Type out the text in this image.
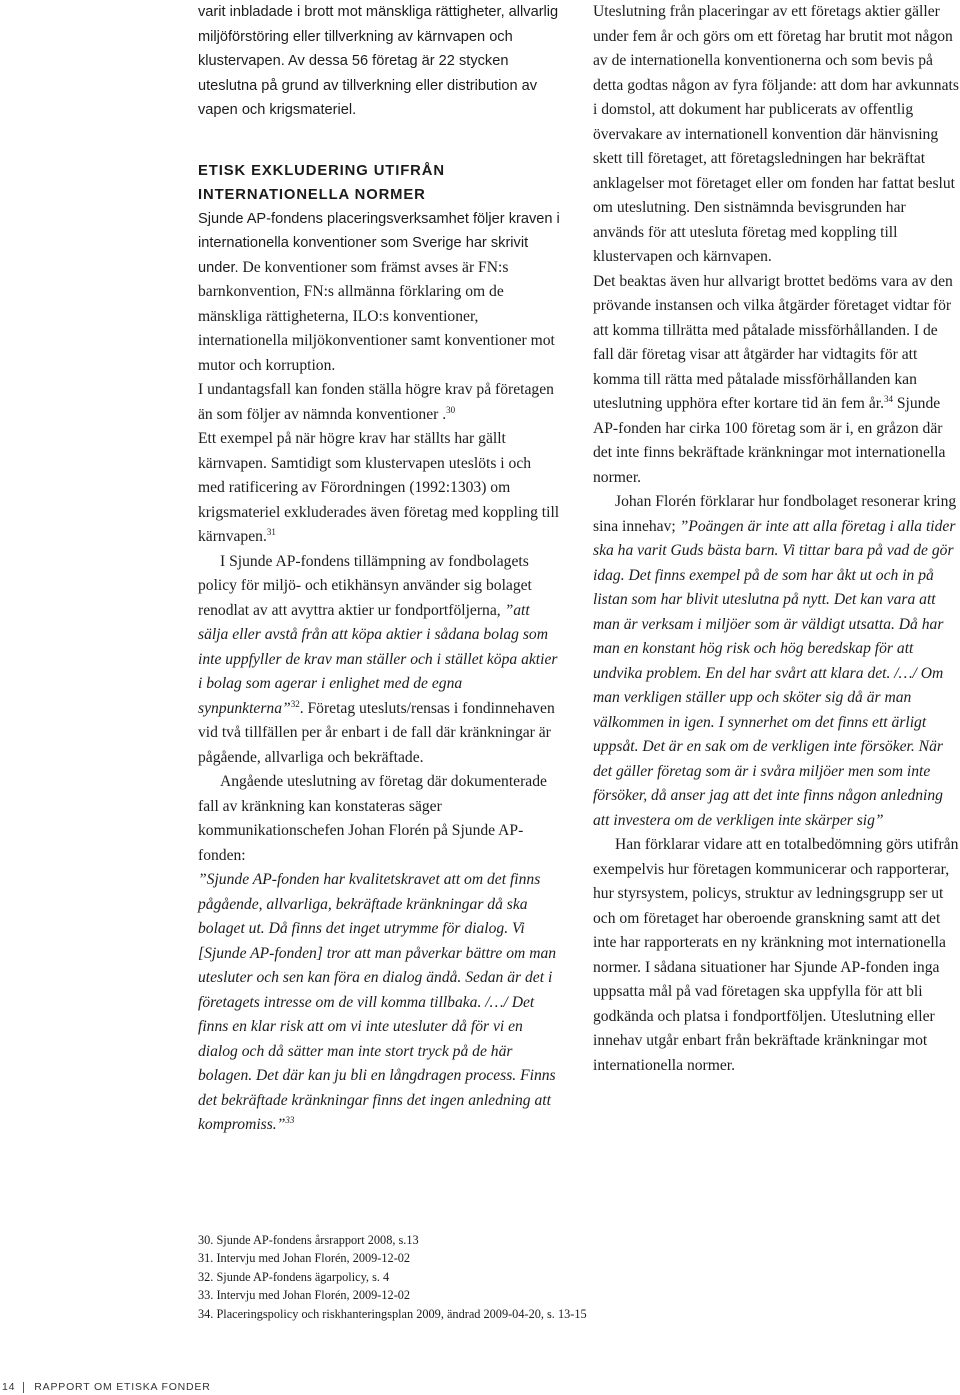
varit inbladade i brott mot mänskliga rättigheter, allvarlig miljöförstöring eller tillverkning av kärnvapen och klustervapen. Av dessa 56 företag är 22 stycken uteslutna på grund av tillverkning eller distribution av vapen och krigsmateriel.

ETISK EXKLUDERING UTIFRÅN INTERNATIONELLA NORMER

Sjunde AP-fondens placeringsverksamhet följer kraven i internationella konventioner som Sverige har skrivit under. De konventioner som främst avses är FN:s barnkonvention, FN:s allmänna förklaring om de mänskliga rättigheterna, ILO:s konventioner, internationella miljökonventioner samt konventioner mot mutor och korruption.
I undantagsfall kan fonden ställa högre krav på företagen än som följer av nämnda konventioner .$^{30}$
Ett exempel på när högre krav har ställts har gällt kärnvapen. Samtidigt som klustervapen uteslöts i och med ratificering av Förordningen (1992:1303) om krigsmateriel exkluderades även företag med koppling till kärnvapen.$^{31}$
I Sjunde AP-fondens tillämpning av fondbolagets policy för miljö- och etikhänsyn använder sig bolaget renodlat av att avyttra aktier ur fondportföljerna, ”att sälja eller avstå från att köpa aktier i sådana bolag som inte uppfyller de krav man ställer och i stället köpa aktier i bolag som agerar i enlighet med de egna synpunkterna”$^{32}$. Företag utesluts/rensas i fondinnehaven vid två tillfällen per år enbart i de fall där kränkningar är pågående, allvarliga och bekräftade.
Angående uteslutning av företag där dokumenterade fall av kränkning kan konstateras säger kommunikationschefen Johan Florén på Sjunde AP-fonden:
”Sjunde AP-fonden har kvalitetskravet att om det finns pågående, allvarliga, bekräftade kränkningar då ska bolaget ut. Då finns det inget utrymme för dialog. Vi [Sjunde AP-fonden] tror att man påverkar bättre om man utesluter och sen kan föra en dialog ändå. Sedan är det i företagets intresse om de vill komma tillbaka. /…/ Det finns en klar risk att om vi inte utesluter då för vi en dialog och då sätter man inte stort tryck på de här bolagen. Det där kan ju bli en långdragen process. Finns det bekräftade kränkningar finns det ingen anledning att kompromiss.”$^{33}$
Uteslutning från placeringar av ett företags aktier gäller under fem år och görs om ett företag har brutit mot någon av de internationella konventionerna och som bevis på detta godtas någon av fyra följande: att dom har avkunnats i domstol, att dokument har publicerats av offentlig övervakare av internationell konvention där hänvisning skett till företaget, att företagsledningen har bekräftat anklagelser mot företaget eller om fonden har fattat beslut om uteslutning. Den sistnämnda bevisgrunden har används för att utesluta företag med koppling till klustervapen och kärnvapen.
Det beaktas även hur allvarigt brottet bedöms vara av den prövande instansen och vilka åtgärder företaget vidtar för att komma tillrätta med påtalade missförhållanden. I de fall där företag visar att åtgärder har vidtagits för att komma till rätta med påtalade missförhållanden kan uteslutning upphöra efter kortare tid än fem år.$^{34}$ Sjunde AP-fonden har cirka 100 företag som är i, en gråzon där det inte finns bekräftade kränkningar mot internationella normer.
Johan Florén förklarar hur fondbolaget resonerar kring sina innehav; ”Poängen är inte att alla företag i alla tider ska ha varit Guds bästa barn. Vi tittar bara på vad de gör idag. Det finns exempel på de som har åkt ut och in på listan som har blivit uteslutna på nytt. Det kan vara att man är verksam i miljöer som är väldigt utsatta. Då har man en konstant hög risk och hög beredskap för att undvika problem. En del har svårt att klara det. /…/ Om man verkligen ställer upp och sköter sig då är man välkommen in igen. I synnerhet om det finns ett ärligt uppsåt. Det är en sak om de verkligen inte försöker. När det gäller företag som är i svåra miljöer men som inte försöker, då anser jag att det inte finns någon anledning att investera om de verkligen inte skärper sig”
Han förklarar vidare att en totalbedömning görs utifrån exempelvis hur företagen kommunicerar och rapporterar, hur styrsystem, policys, struktur av ledningsgrupp ser ut och om företaget har oberoende granskning samt att det inte har rapporterats en ny kränkning mot internationella normer. I sådana situationer har Sjunde AP-fonden inga uppsatta mål på vad företagen ska uppfylla för att bli godkända och platsa i fondportföljen. Uteslutning eller innehav utgår enbart från bekräftade kränkningar mot internationella normer.

30. Sjunde AP-fondens årsrapport 2008, s.13

31. Intervju med Johan Florén, 2009-12-02

32. Sjunde AP-fondens ägarpolicy, s. 4

33. Intervju med Johan Florén, 2009-12-02

34. Placeringspolicy och riskhanteringsplan 2009, ändrad 2009-04-20, s. 13-15

14	RAPPORT OM ETISKA FONDER
